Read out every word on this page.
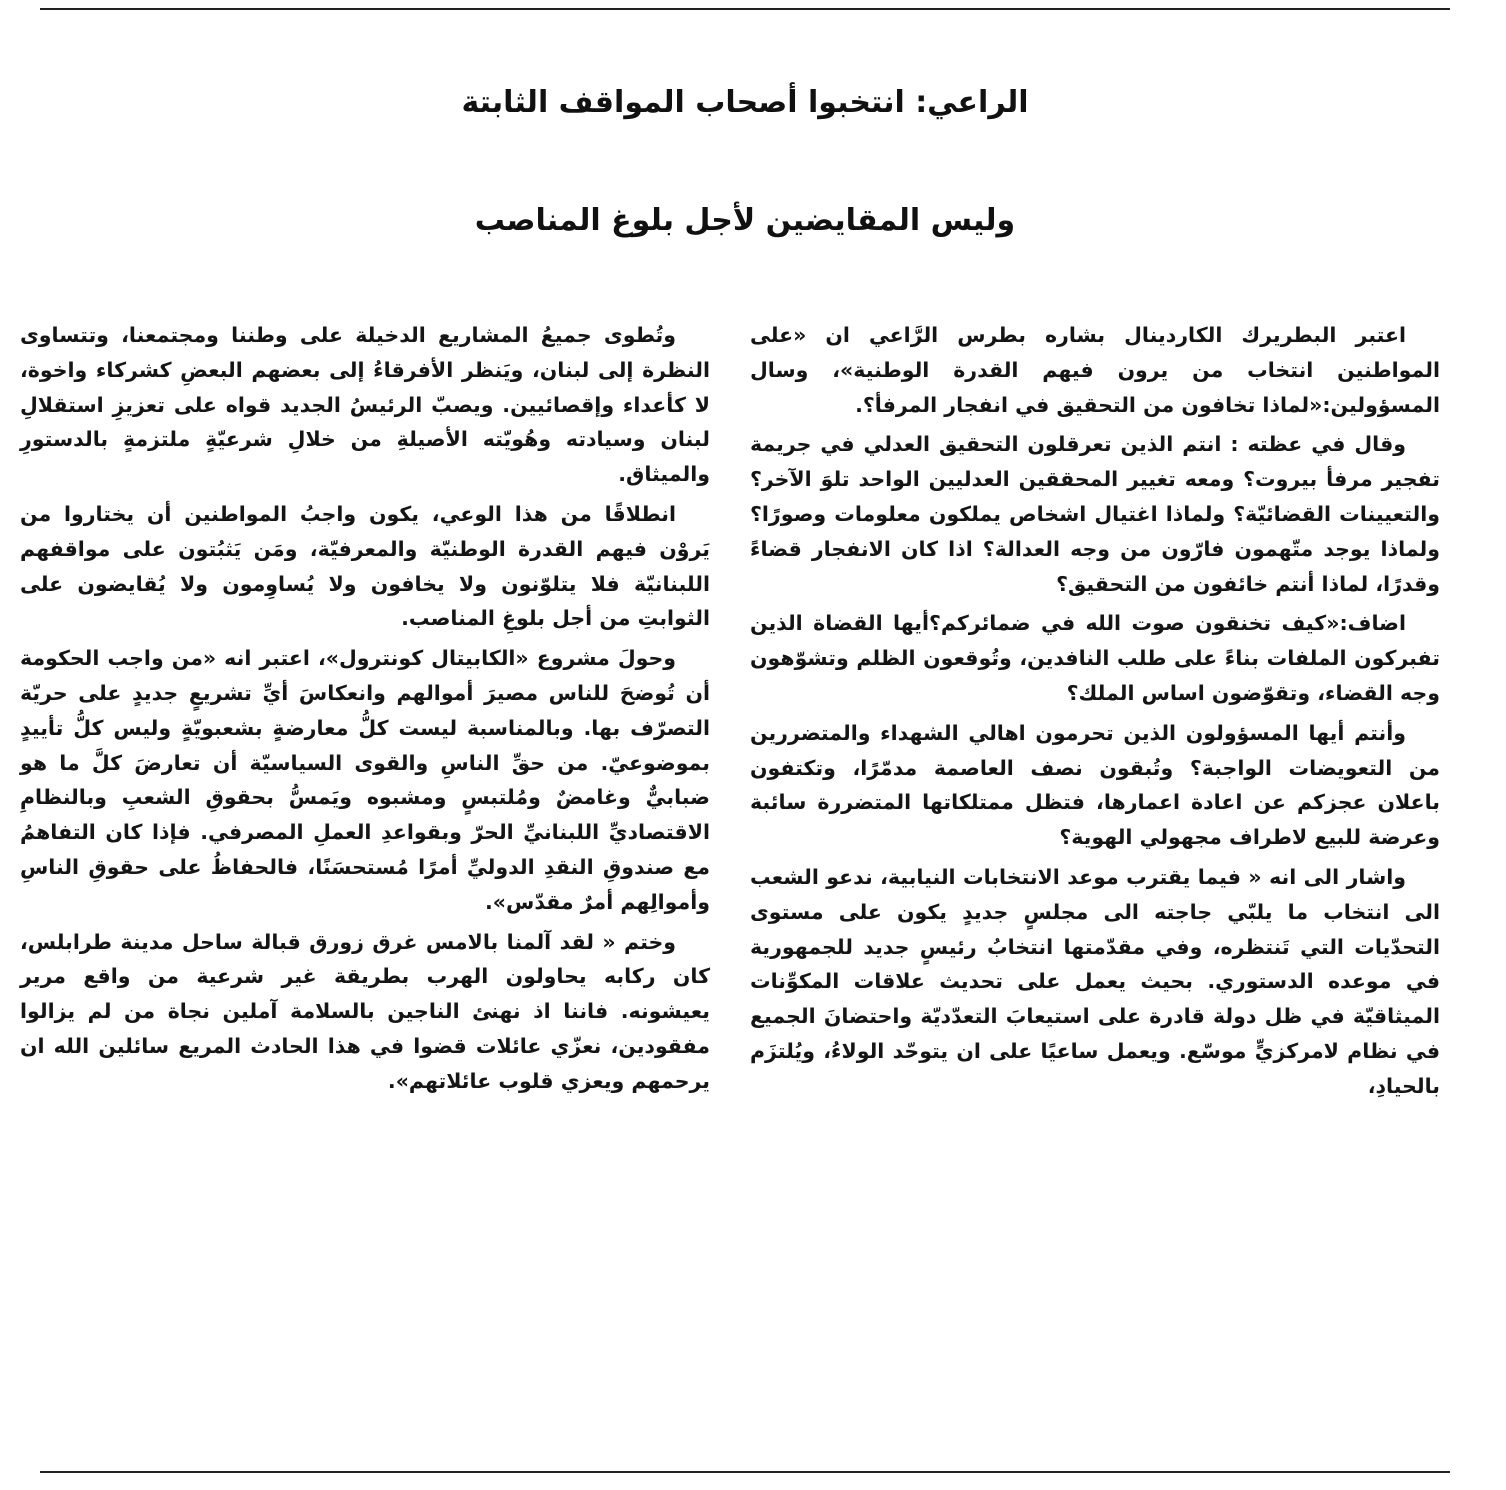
الراعي: انتخبوا أصحاب المواقف الثابتة
وليس المقايضين لأجل بلوغ المناصب

اعتبر البطريرك الكاردينال بشاره بطرس الرَّاعي ان «على المواطنين انتخاب من يرون فيهم القدرة الوطنية»، وسال المسؤولين:«لماذا تخافون من التحقيق في انفجار المرفأ؟.

وقال في عظته : انتم الذين تعرقلون التحقيق العدلي في جريمة تفجير مرفأ بيروت؟ ومعه تغيير المحققين العدليين الواحد تلوَ الآخر؟ والتعيينات القضائيّة؟ ولماذا اغتيال اشخاص يملكون معلومات وصورًا؟ ولماذا يوجد متّهمون فارّون من وجه العدالة؟ اذا كان الانفجار قضاءً وقدرًا، لماذا أنتم خائفون من التحقيق؟

اضاف:«كيف تخنقون صوت الله في ضمائركم؟أيها القضاة الذين تفبركون الملفات بناءً على طلب النافدين، وتُوقعون الظلم وتشوّهون وجه القضاء، وتقوّضون اساس الملك؟

وأنتم أيها المسؤولون الذين تحرمون اهالي الشهداء والمتضررين من التعويضات الواجبة؟ وتُبقون نصف العاصمة مدمّرًا، وتكتفون باعلان عجزكم عن اعادة اعمارها، فتظل ممتلكاتها المتضررة سائبة وعرضة للبيع لاطراف مجهولي الهوية؟

واشار الى انه « فيما يقترب موعد الانتخابات النيابية، ندعو الشعب الى انتخاب ما يلبّي جاجته الى مجلسٍ جديدٍ يكون على مستوى التحدّيات التي تَنتظره، وفي مقدّمتها انتخابُ رئيسٍ جديد للجمهورية في موعده الدستوري. بحيث يعمل على تحديث علاقات المكوِّنات الميثاقيّة في ظل دولة قادرة على استيعابَ التعدّديّة واحتضانَ الجميع في نظام لامركزيٍّ موسّع. ويعمل ساعيًا على ان يتوحّد الولاءُ، ويُلتزَم بالحيادِ،

وتُطوى جميعُ المشاريع الدخيلة على وطننا ومجتمعنا، وتتساوى النظرة إلى لبنان، ويَنظر الأفرقاءُ إلى بعضهم البعضِ كشركاء واخوة، لا كأعداء وإقصائيين. ويصبّ الرئيسُ الجديد قواه على تعزيزِ استقلالِ لبنان وسيادته وهُويّته الأصيلةِ من خلالِ شرعيّةٍ ملتزمةٍ بالدستورِ والميثاق.

انطلاقًا من هذا الوعي، يكون واجبُ المواطنين أن يختاروا من يَروْن فيهم القدرة الوطنيّة والمعرفيّة، ومَن يَثبُتون على مواقفهم اللبنانيّة فلا يتلوّنون ولا يخافون ولا يُساوِمون ولا يُقايضون على الثوابتِ من أجل بلوغِ المناصب.

وحولَ مشروع «الكابيتال كونترول»، اعتبر انه «من واجب الحكومة أن تُوضحَ للناس مصيرَ أموالهم وانعكاسَ أيِّ تشريعٍ جديدٍ على حريّة التصرّف بها. وبالمناسبة ليست كلُّ معارضةٍ بشعبويّةٍ وليس كلُّ تأييدٍ بموضوعيّ. من حقِّ الناسِ والقوى السياسيّة أن تعارضَ كلَّ ما هو ضبابيٌّ وغامضٌ ومُلتبسٍ ومشبوه ويَمسُّ بحقوقِ الشعبِ وبالنظامِ الاقتصاديِّ اللبنانيِّ الحرّ وبقواعدِ العملِ المصرفي. فإذا كان التفاهمُ مع صندوقِ النقدِ الدوليِّ أمرًا مُستحسَنًا، فالحفاظُ على حقوقِ الناسِ وأموالِهم أمرٌ مقدّس».

وختم « لقد آلمنا بالامس غرق زورق قبالة ساحل مدينة طرابلس، كان ركابه يحاولون الهرب بطريقة غير شرعية من واقع مرير يعيشونه. فاننا اذ نهنئ الناجين بالسلامة آملين نجاة من لم يزالوا مفقودين، نعزّي عائلات قضوا في هذا الحادث المريع سائلين الله ان يرحمهم ويعزي قلوب عائلاتهم».
